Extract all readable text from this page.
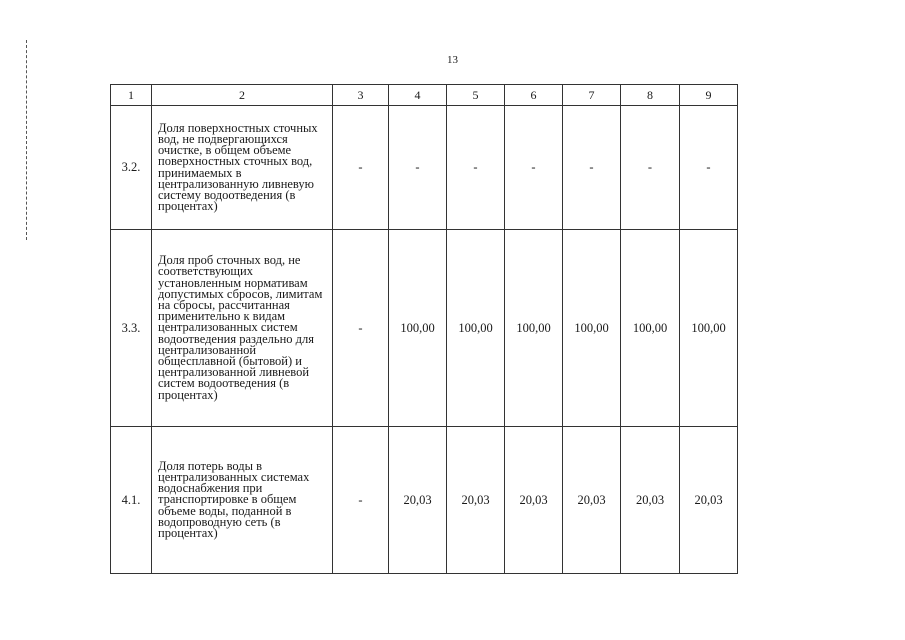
13
1	2	3	4	5	6	7	8	9
3.2.	Доля поверхностных сточных вод, не подвергающихся очистке, в общем объеме поверхностных сточных вод, принимаемых в централизованную ливневую систему водоотведения (в процентах)	-	-	-	-	-	-	-
3.3.	Доля проб сточных вод, не соответствующих установленным нормативам допустимых сбросов, лимитам на сбросы, рассчитанная применительно к видам централизованных систем водоотведения раздельно для централизованной общесплавной (бытовой) и централизованной ливневой систем водоотведения (в процентах)	-	100,00	100,00	100,00	100,00	100,00	100,00
4.1.	Доля потерь воды в централизованных системах водоснабжения при транспортировке в общем объеме воды, поданной в водопроводную сеть (в процентах)	-	20,03	20,03	20,03	20,03	20,03	20,03
